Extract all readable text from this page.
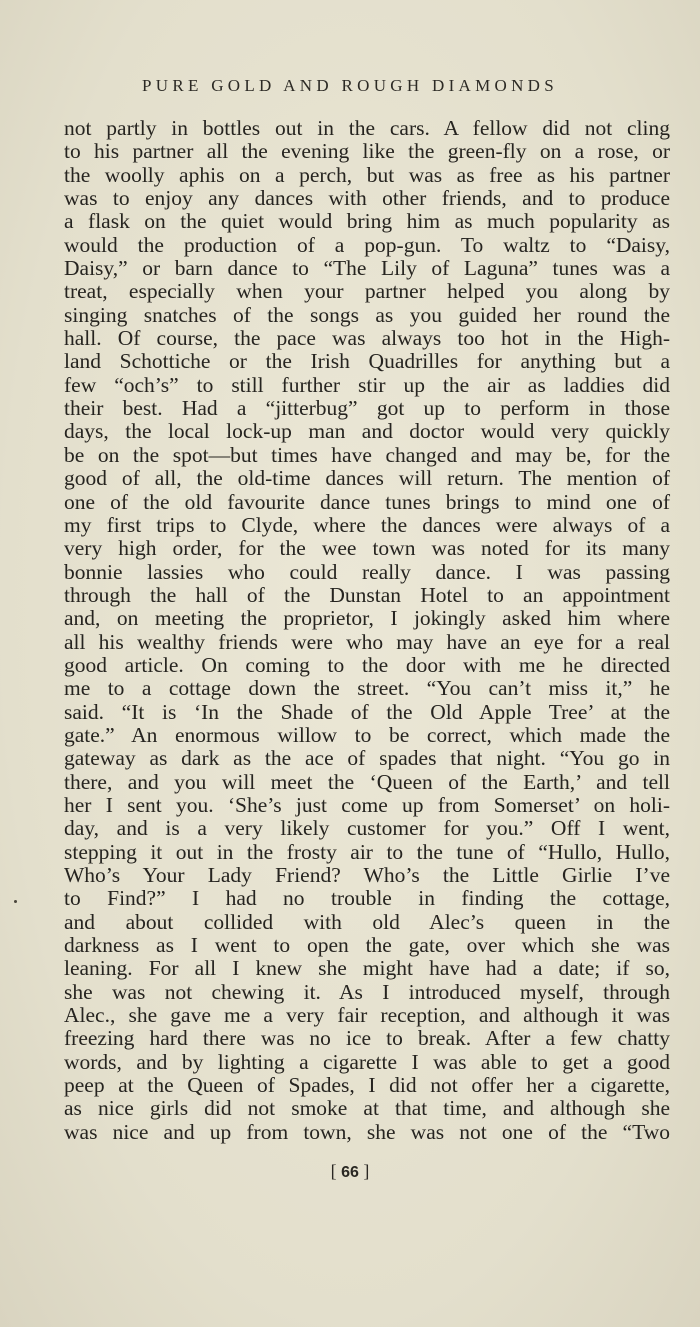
PURE GOLD AND ROUGH DIAMONDS
not partly in bottles out in the cars. A fellow did not cling
to his partner all the evening like the green-fly on a rose, or
the woolly aphis on a perch, but was as free as his partner
was to enjoy any dances with other friends, and to produce
a flask on the quiet would bring him as much popularity as
would the production of a pop-gun. To waltz to “Daisy,
Daisy,” or barn dance to “The Lily of Laguna” tunes was a
treat, especially when your partner helped you along by
singing snatches of the songs as you guided her round the
hall. Of course, the pace was always too hot in the High-
land Schottiche or the Irish Quadrilles for anything but a
few “och’s” to still further stir up the air as laddies did
their best. Had a “jitterbug” got up to perform in those
days, the local lock-up man and doctor would very quickly
be on the spot—but times have changed and may be, for the
good of all, the old-time dances will return. The mention of
one of the old favourite dance tunes brings to mind one of
my first trips to Clyde, where the dances were always of a
very high order, for the wee town was noted for its many
bonnie lassies who could really dance. I was passing
through the hall of the Dunstan Hotel to an appointment
and, on meeting the proprietor, I jokingly asked him where
all his wealthy friends were who may have an eye for a real
good article. On coming to the door with me he directed
me to a cottage down the street. “You can’t miss it,” he
said. “It is ‘In the Shade of the Old Apple Tree’ at the
gate.” An enormous willow to be correct, which made the
gateway as dark as the ace of spades that night. “You go in
there, and you will meet the ‘Queen of the Earth,’ and tell
her I sent you. ‘She’s just come up from Somerset’ on holi-
day, and is a very likely customer for you.” Off I went,
stepping it out in the frosty air to the tune of “Hullo, Hullo,
Who’s Your Lady Friend? Who’s the Little Girlie I’ve
to Find?” I had no trouble in finding the cottage,
and about collided with old Alec’s queen in the
darkness as I went to open the gate, over which she was
leaning. For all I knew she might have had a date; if so,
she was not chewing it. As I introduced myself, through
Alec., she gave me a very fair reception, and although it was
freezing hard there was no ice to break. After a few chatty
words, and by lighting a cigarette I was able to get a good
peep at the Queen of Spades, I did not offer her a cigarette,
as nice girls did not smoke at that time, and although she
was nice and up from town, she was not one of the “Two
[ 66 ]
